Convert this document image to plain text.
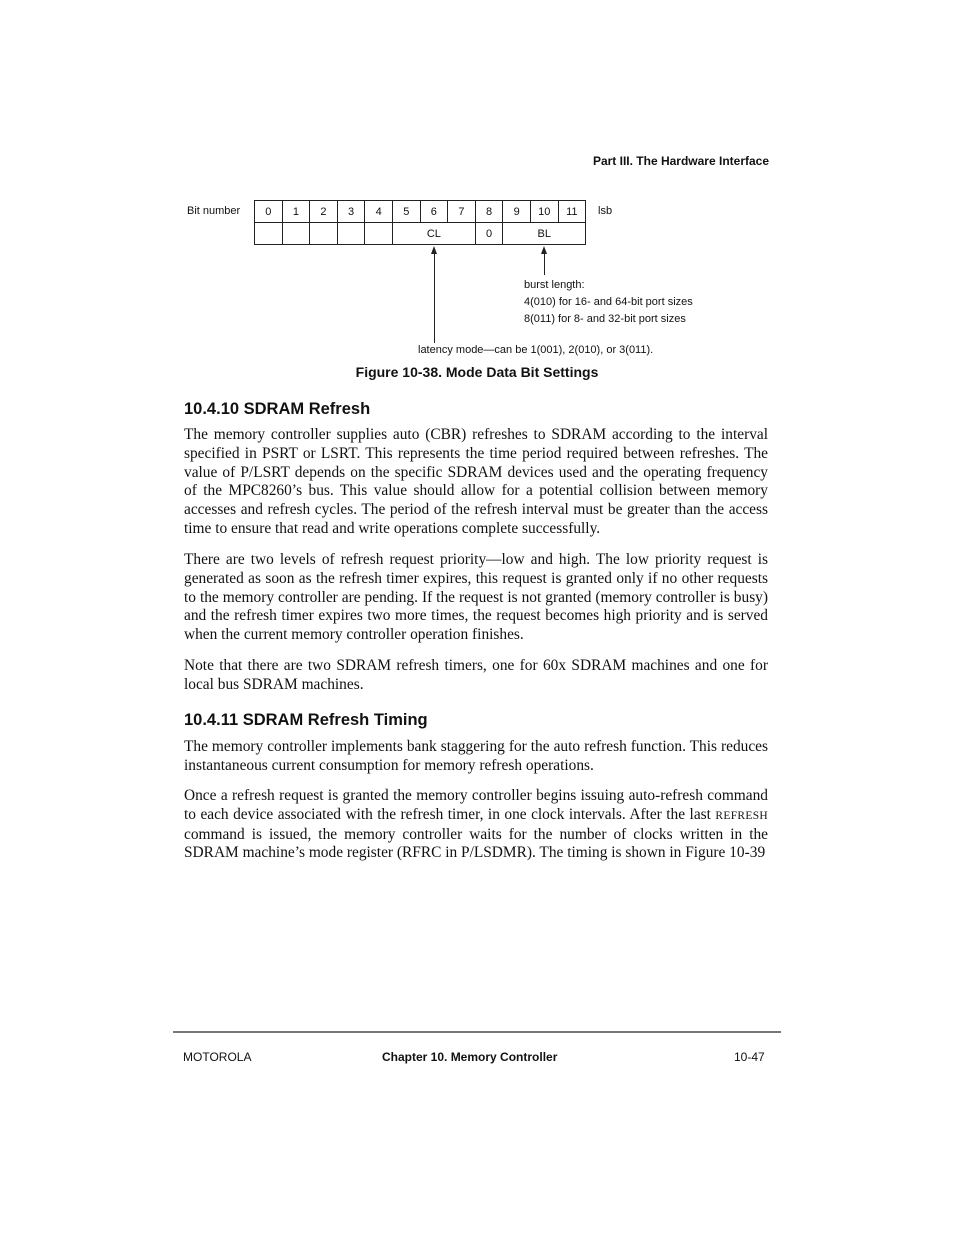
Part III. The Hardware Interface
Bit number 0	1	2	3	4	5	6	7	8	9	10	11
					CL			0	BL		
lsb
burst length:
4(010) for 16- and 64-bit port sizes
8(011) for 8- and 32-bit port sizes
latency mode—can be 1(001), 2(010), or 3(011).
Figure 10-38. Mode Data Bit Settings
10.4.10 SDRAM Refresh

The memory controller supplies auto (CBR) refreshes to SDRAM according to the interval specified in PSRT or LSRT. This represents the time period required between refreshes. The value of P/LSRT depends on the specific SDRAM devices used and the operating frequency of the MPC8260’s bus. This value should allow for a potential collision between memory accesses and refresh cycles. The period of the refresh interval must be greater than the access time to ensure that read and write operations complete successfully.

There are two levels of refresh request priority—low and high. The low priority request is generated as soon as the refresh timer expires, this request is granted only if no other requests to the memory controller are pending. If the request is not granted (memory controller is busy) and the refresh timer expires two more times, the request becomes high priority and is served when the current memory controller operation finishes.

Note that there are two SDRAM refresh timers, one for 60x SDRAM machines and one for local bus SDRAM machines.

10.4.11 SDRAM Refresh Timing

The memory controller implements bank staggering for the auto refresh function. This reduces instantaneous current consumption for memory refresh operations.

Once a refresh request is granted the memory controller begins issuing auto-refresh command to each device associated with the refresh timer, in one clock intervals. After the last REFRESH command is issued, the memory controller waits for the number of clocks written in the SDRAM machine’s mode register (RFRC in P/LSDMR). The timing is shown in Figure 10-39

MOTOROLA	Chapter 10. Memory Controller	10-47
